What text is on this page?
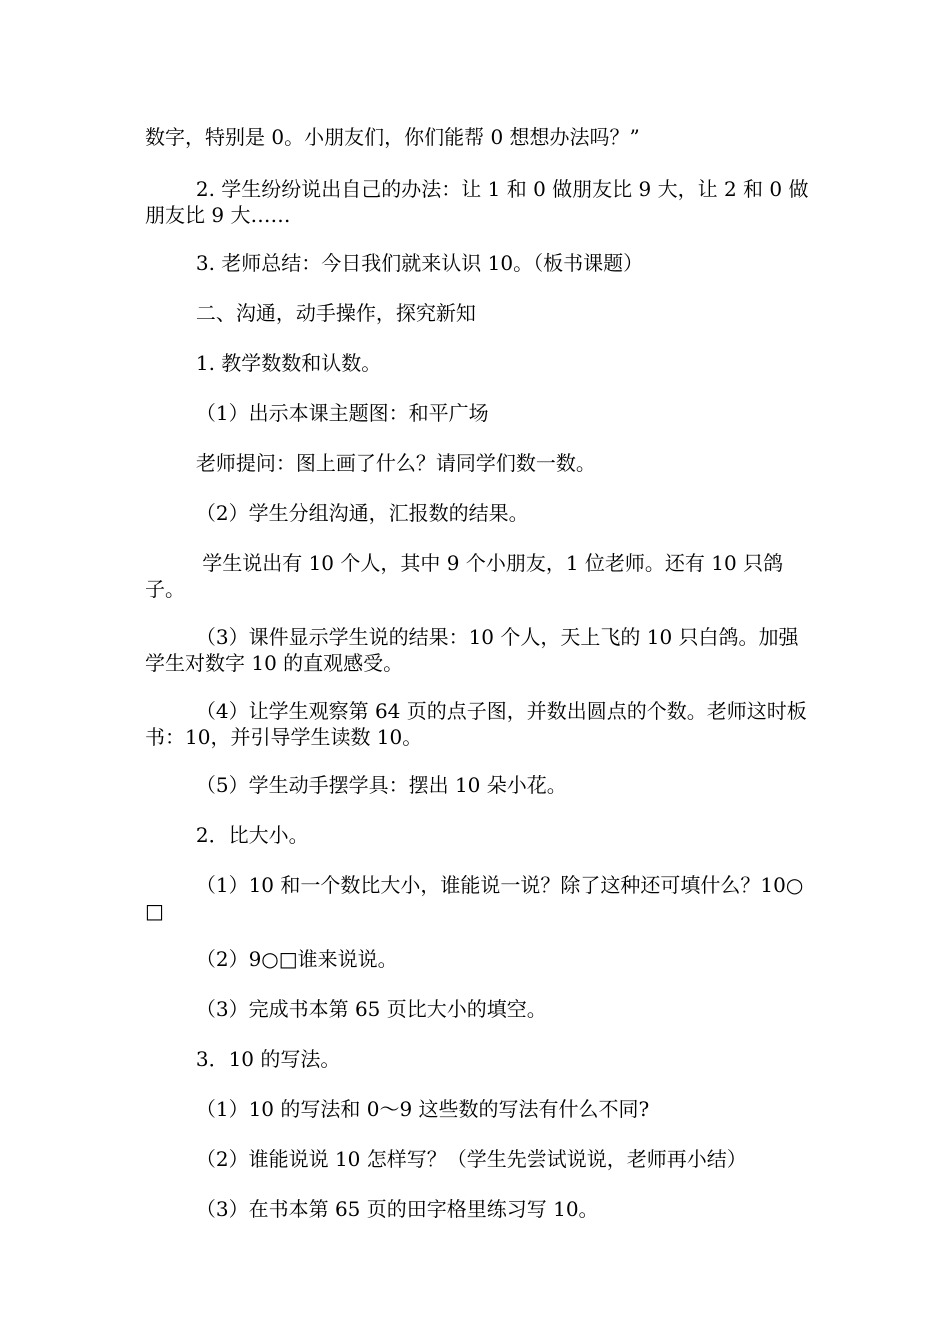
数字，特别是 0。小朋友们，你们能帮 0 想想办法吗？”

2. 学生纷纷说出自己的办法：让 1 和 0 做朋友比 9 大，让 2 和 0 做朋友比 9 大……

3. 老师总结：今日我们就来认识 10。（板书课题）

二、沟通，动手操作，探究新知

1. 教学数数和认数。

（1）出示本课主题图：和平广场

老师提问：图上画了什么？请同学们数一数。

（2）学生分组沟通，汇报数的结果。

学生说出有 10 个人，其中 9 个小朋友，1 位老师。还有 10 只鸽子。

（3）课件显示学生说的结果：10 个人，天上飞的 10 只白鸽。加强学生对数字 10 的直观感受。

（4）让学生观察第 64 页的点子图，并数出圆点的个数。老师这时板书：10，并引导学生读数 10。

（5）学生动手摆学具：摆出 10 朵小花。

2．比大小。

（1）10 和一个数比大小，谁能说一说？除了这种还可填什么？10○□

（2）9○□谁来说说。

（3）完成书本第 65 页比大小的填空。

3．10 的写法。

（1）10 的写法和 0～9 这些数的写法有什么不同?

（2）谁能说说 10 怎样写？（学生先尝试说说，老师再小结）

（3）在书本第 65 页的田字格里练习写 10。
